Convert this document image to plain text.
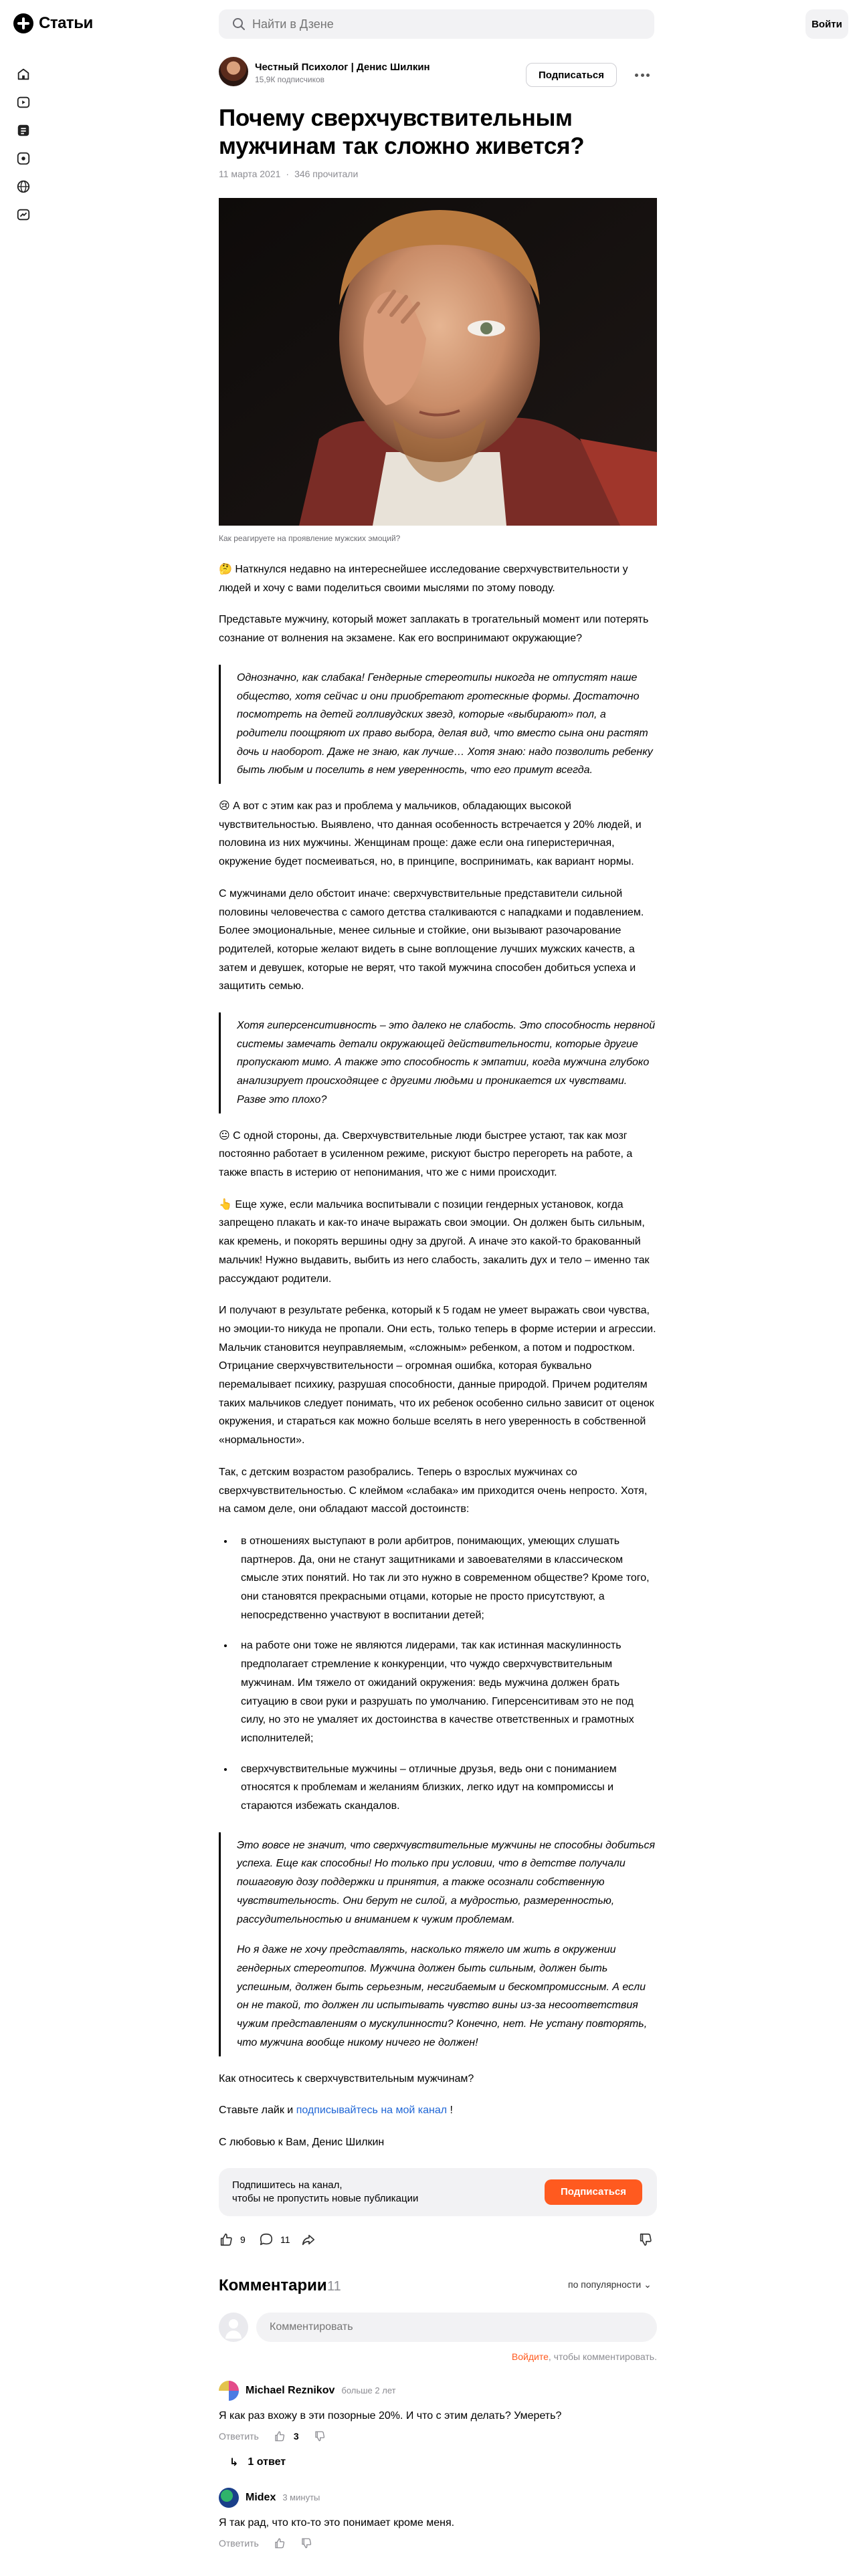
Статьи
Найти в Дзене	Войти
Честный Психолог | Денис Шилкин
15,9К подписчиков	Подписаться
Почему сверхчувствительным мужчинам так сложно живется?
11 марта 2021 · 346 прочитали
Как реагируете на проявление мужских эмоций?

🤔 Наткнулся недавно на интереснейшее исследование сверхчувствительности у людей и хочу с вами поделиться своими мыслями по этому поводу.

Представьте мужчину, который может заплакать в трогательный момент или потерять сознание от волнения на экзамене. Как его воспринимают окружающие?

Однозначно, как слабака! Гендерные стереотипы никогда не отпустят наше общество, хотя сейчас и они приобретают гротескные формы. Достаточно посмотреть на детей голливудских звезд, которые «выбирают» пол, а родители поощряют их право выбора, делая вид, что вместо сына они растят дочь и наоборот. Даже не знаю, как лучше… Хотя знаю: надо позволить ребенку быть любым и поселить в нем уверенность, что его примут всегда.

😢 А вот с этим как раз и проблема у мальчиков, обладающих высокой чувствительностью. Выявлено, что данная особенность встречается у 20% людей, и половина из них мужчины. Женщинам проще: даже если она гиперистеричная, окружение будет посмеиваться, но, в принципе, воспринимать, как вариант нормы.

С мужчинами дело обстоит иначе: сверхчувствительные представители сильной половины человечества с самого детства сталкиваются с нападками и подавлением. Более эмоциональные, менее сильные и стойкие, они вызывают разочарование родителей, которые желают видеть в сыне воплощение лучших мужских качеств, а затем и девушек, которые не верят, что такой мужчина способен добиться успеха и защитить семью.

Хотя гиперсенситивность – это далеко не слабость. Это способность нервной системы замечать детали окружающей действительности, которые другие пропускают мимо. А также это способность к эмпатии, когда мужчина глубоко анализирует происходящее с другими людьми и проникается их чувствами. Разве это плохо?

😐 С одной стороны, да. Сверхчувствительные люди быстрее устают, так как мозг постоянно работает в усиленном режиме, рискуют быстро перегореть на работе, а также впасть в истерию от непонимания, что же с ними происходит.

👆 Еще хуже, если мальчика воспитывали с позиции гендерных установок, когда запрещено плакать и как-то иначе выражать свои эмоции. Он должен быть сильным, как кремень, и покорять вершины одну за другой. А иначе это какой-то бракованный мальчик! Нужно выдавить, выбить из него слабость, закалить дух и тело – именно так рассуждают родители.

И получают в результате ребенка, который к 5 годам не умеет выражать свои чувства, но эмоции-то никуда не пропали. Они есть, только теперь в форме истерии и агрессии. Мальчик становится неуправляемым, «сложным» ребенком, а потом и подростком. Отрицание сверхчувствительности – огромная ошибка, которая буквально перемалывает психику, разрушая способности, данные природой. Причем родителям таких мальчиков следует понимать, что их ребенок особенно сильно зависит от оценок окружения, и стараться как можно больше вселять в него уверенность в собственной «нормальности».

Так, с детским возрастом разобрались. Теперь о взрослых мужчинах со сверхчувствительностью. С клеймом «слабака» им приходится очень непросто. Хотя, на самом деле, они обладают массой достоинств:

• в отношениях выступают в роли арбитров, понимающих, умеющих слушать партнеров. Да, они не станут защитниками и завоевателями в классическом смысле этих понятий. Но так ли это нужно в современном обществе? Кроме того, они становятся прекрасными отцами, которые не просто присутствуют, а непосредственно участвуют в воспитании детей;
• на работе они тоже не являются лидерами, так как истинная маскулинность предполагает стремление к конкуренции, что чуждо сверхчувствительным мужчинам. Им тяжело от ожиданий окружения: ведь мужчина должен брать ситуацию в свои руки и разрушать по умолчанию. Гиперсенситивам это не под силу, но это не умаляет их достоинства в качестве ответственных и грамотных исполнителей;
• сверхчувствительные мужчины – отличные друзья, ведь они с пониманием относятся к проблемам и желаниям близких, легко идут на компромиссы и стараются избежать скандалов.

Это вовсе не значит, что сверхчувствительные мужчины не способны добиться успеха. Еще как способны! Но только при условии, что в детстве получали пошаговую дозу поддержки и принятия, а также осознали собственную чувствительность. Они берут не силой, а мудростью, размеренностью, рассудительностью и вниманием к чужим проблемам.

Но я даже не хочу представлять, насколько тяжело им жить в окружении гендерных стереотипов. Мужчина должен быть сильным, должен быть успешным, должен быть серьезным, несгибаемым и бескомпромиссным. А если он не такой, то должен ли испытывать чувство вины из-за несоответствия чужим представлениям о мускулинности? Конечно, нет. Не устану повторять, что мужчина вообще никому ничего не должен!

Как относитесь к сверхчувствительным мужчинам?

Ставьте лайк и подписывайтесь на мой канал !

С любовью к Вам, Денис Шилкин

Подпишитесь на канал,
чтобы не пропустить новые публикации
Подписаться
9	11
Комментарии 11	по популярности ⌄
Комментировать
Войдите, чтобы комментировать.
Michael Reznikov больше 2 лет
Я как раз вхожу в эти позорные 20%. И что с этим делать? Умереть?
Ответить	3
↳ 1 ответ
Midex 3 минуты
Я так рад, что кто-то это понимает кроме меня.
Ответить
